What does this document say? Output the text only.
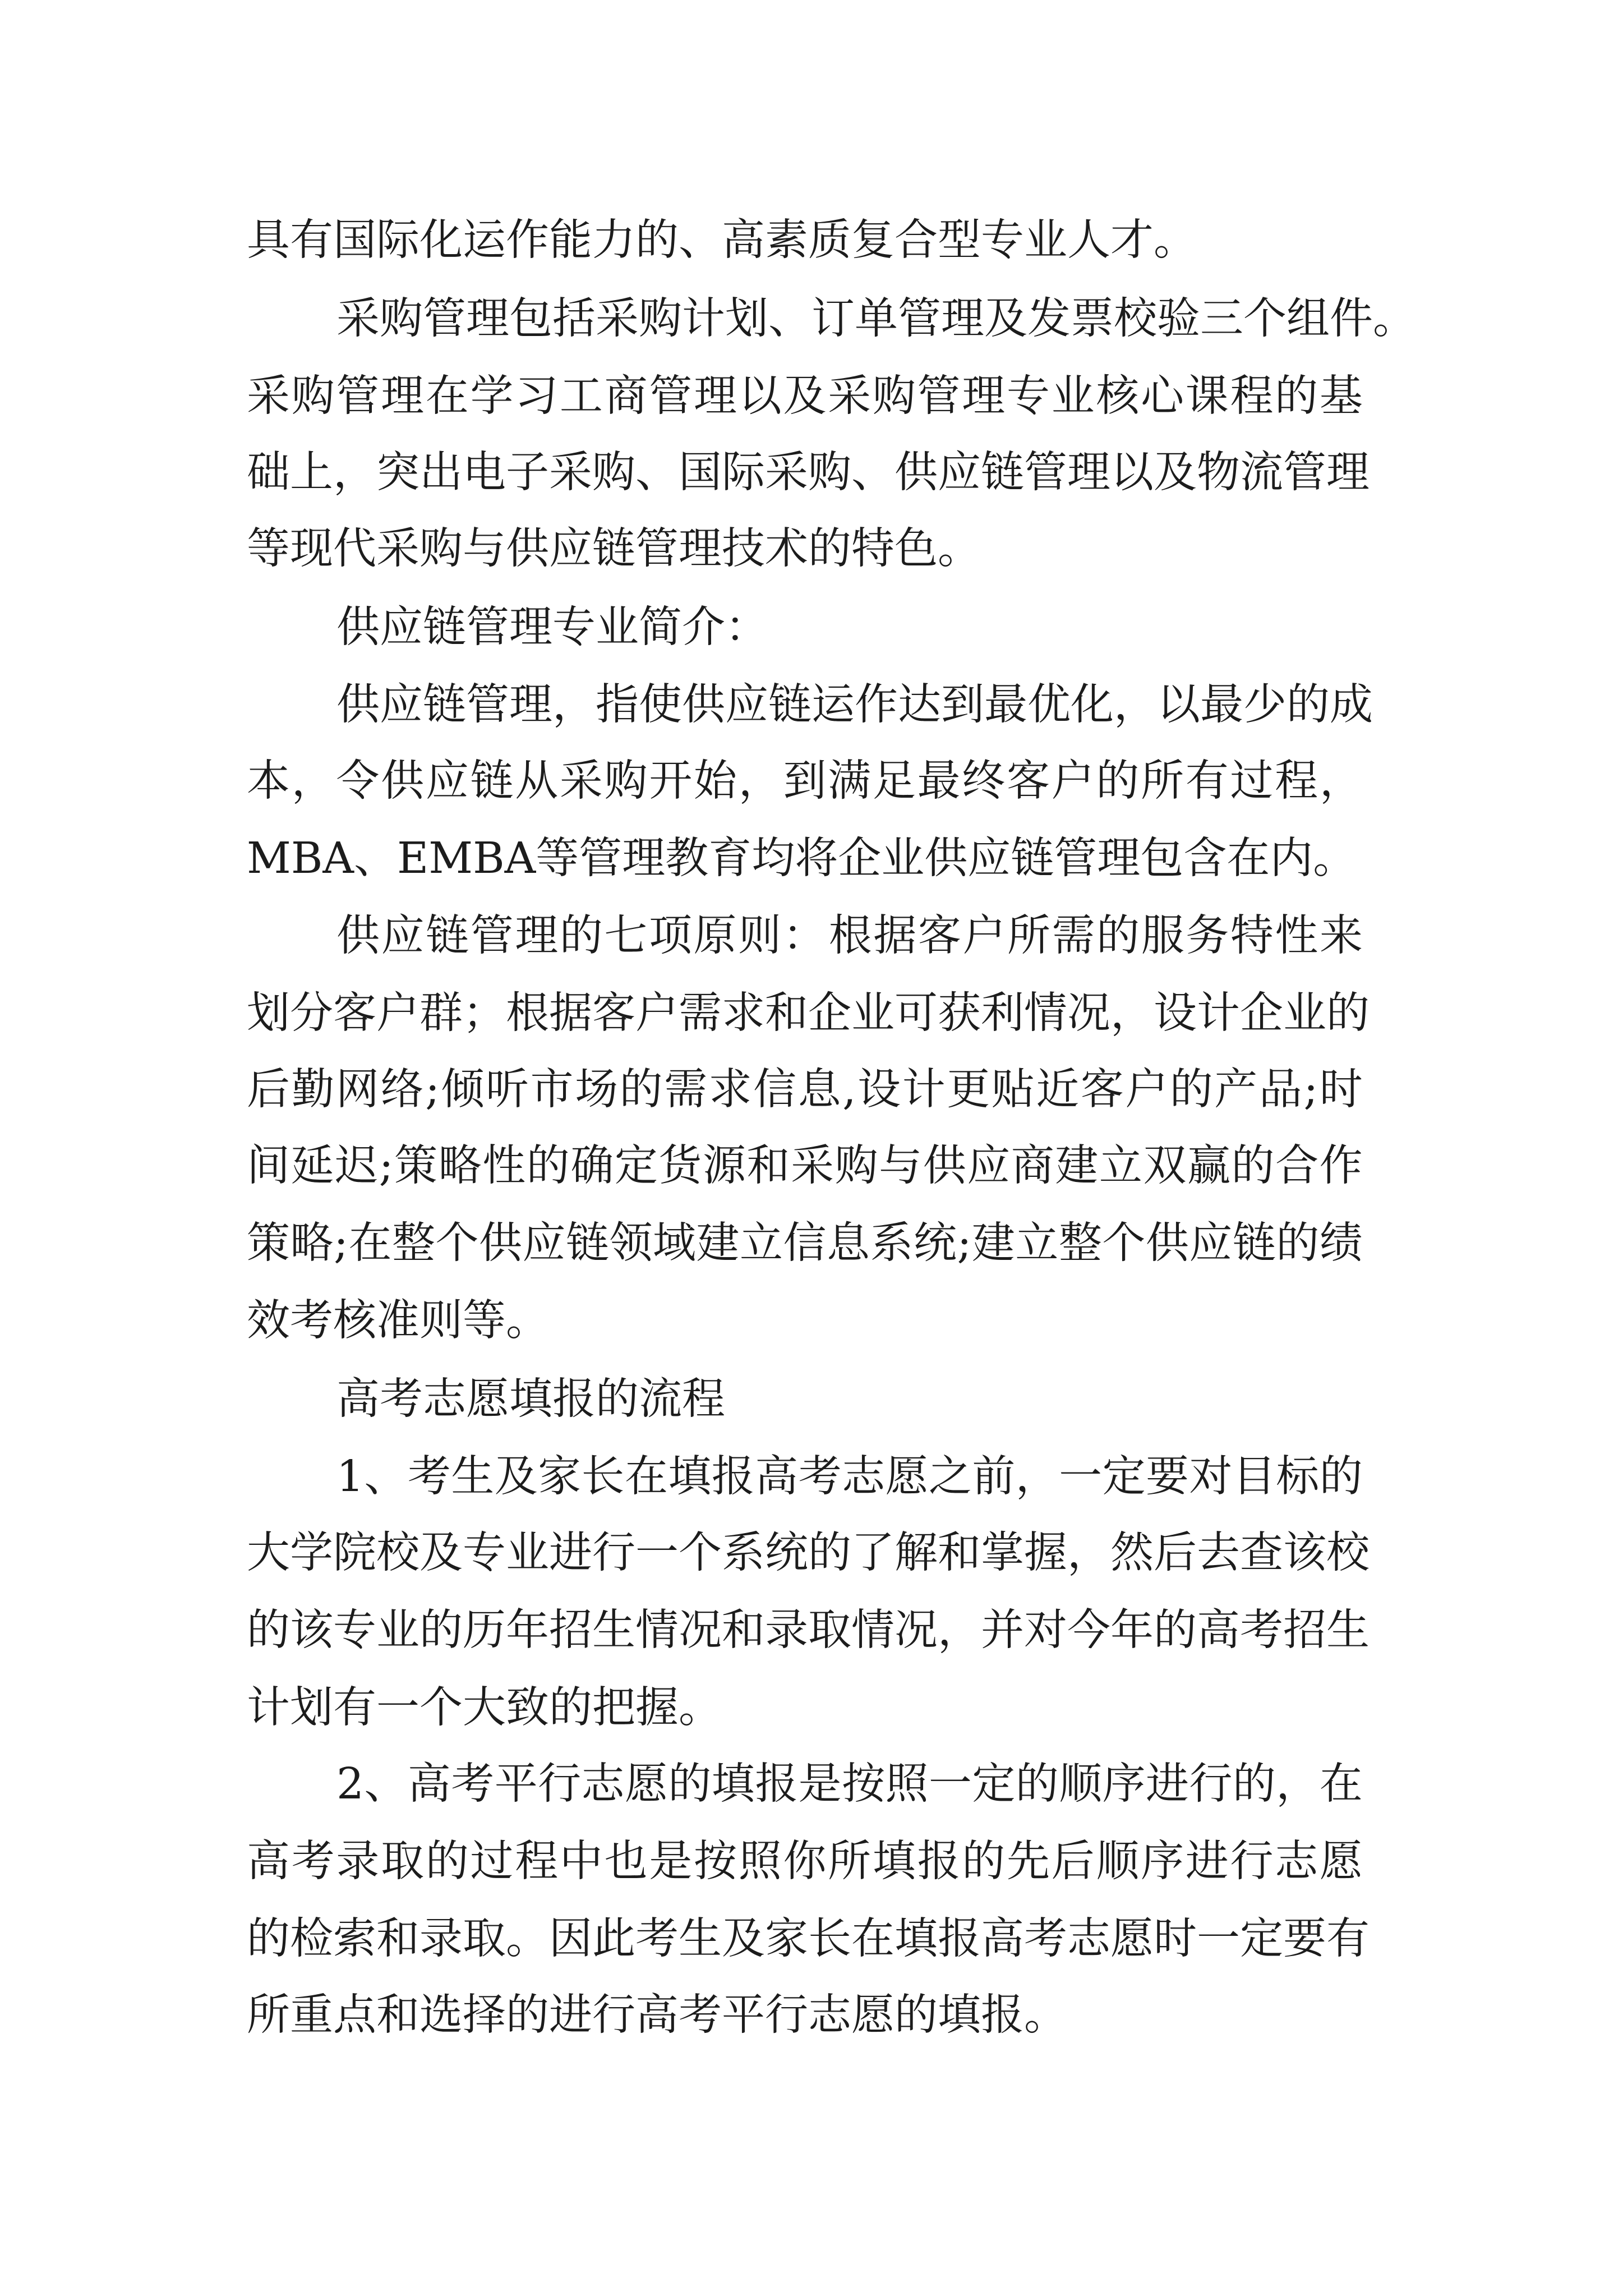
具有国际化运作能力的、高素质复合型专业人才。

采 购 管 理 包 括 采 购 计 划 、 订 单 管 理 及 发 票 校 验 三 个 组 件 。

采 购 管 理 在 学 习 工 商 管 理 以 及 采 购 管 理 专 业 核 心 课 程 的 基

础 上 ， 突 出 电 子 采 购 、 国 际 采 购 、 供 应 链 管 理 以 及 物 流 管 理

等现代采购与供应链管理技术的特色。

供应链管理专业简介：

供 应 链 管 理 ， 指 使 供 应 链 运 作 达 到 最 优 化 ， 以 最 少 的 成

本 ， 令 供 应 链 从 采 购 开 始 ， 到 满 足 最 终 客 户 的 所 有 过 程 ，

MBA、EMBA等管理教育均将企业供应链管理包含在内。

供 应 链 管 理 的 七 项 原 则 ： 根 据 客 户 所 需 的 服 务 特 性 来

划 分 客 户 群 ； 根 据 客 户 需 求 和 企 业 可 获 利 情 况 ， 设 计 企 业 的

后 勤 网 络 ; 倾 听 市 场 的 需 求 信 息 , 设 计 更 贴 近 客 户 的 产 品 ; 时

间 延 迟 ; 策 略 性 的 确 定 货 源 和 采 购 与 供 应 商 建 立 双 赢 的 合 作

策 略 ; 在 整 个 供 应 链 领 域 建 立 信 息 系 统 ; 建 立 整 个 供 应 链 的 绩

效考核准则等。

高考志愿填报的流程

1 、 考 生 及 家 长 在 填 报 高 考 志 愿 之 前 ， 一 定 要 对 目 标 的

大 学 院 校 及 专 业 进 行 一 个 系 统 的 了 解 和 掌 握 ， 然 后 去 查 该 校

的 该 专 业 的 历 年 招 生 情 况 和 录 取 情 况 ， 并 对 今 年 的 高 考 招 生

计划有一个大致的把握。

2 、 高 考 平 行 志 愿 的 填 报 是 按 照 一 定 的 顺 序 进 行 的 ， 在

高 考 录 取 的 过 程 中 也 是 按 照 你 所 填 报 的 先 后 顺 序 进 行 志 愿

的 检 索 和 录 取 。 因 此 考 生 及 家 长 在 填 报 高 考 志 愿 时 一 定 要 有

所重点和选择的进行高考平行志愿的填报。
